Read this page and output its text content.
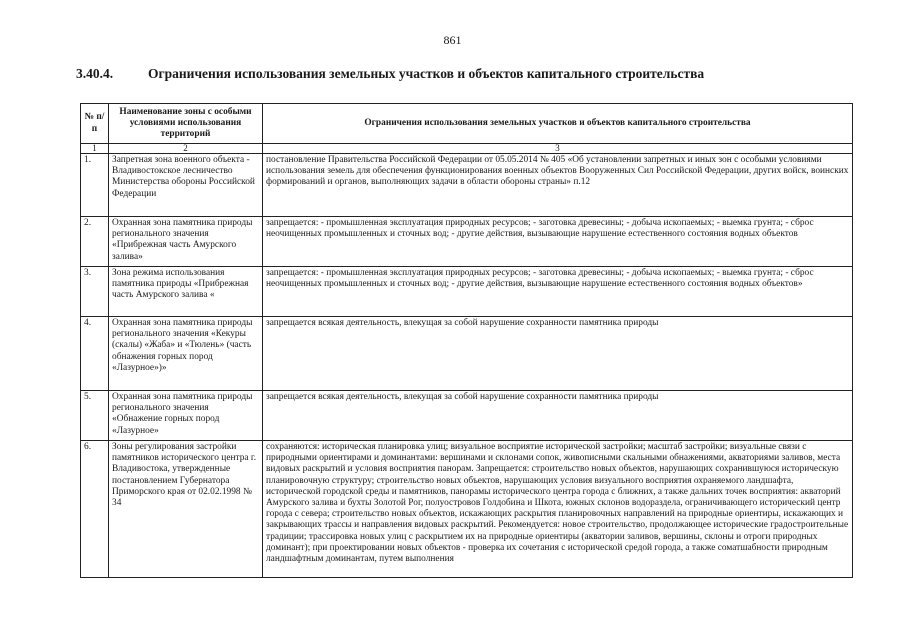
861
3.40.4.	Ограничения использования земельных участков и объектов капитального строительства
№ п/п	Наименование зоны с особыми условиями использования территорий	Ограничения использования земельных участков и объектов капитального строительства
1	2	3
1.	Запретная зона военного объекта - Владивостокское лесничество Министерства обороны Российской Федерации	постановление Правительства Российской Федерации от 05.05.2014 № 405 «Об установлении запретных и иных зон с особыми условиями использования земель для обеспечения функционирования военных объектов Вооруженных Сил Российской Федерации, других войск, воинских формирований и органов, выполняющих задачи в области обороны страны» п.12
2.	Охранная зона памятника природы регионального значения «Прибрежная часть Амурского залива»	запрещается: - промышленная эксплуатация природных ресурсов; - заготовка древесины; - добыча ископаемых; - выемка грунта; - сброс неочищенных промышленных и сточных вод; - другие действия, вызывающие нарушение естественного состояния водных объектов
3.	Зона режима использования памятника природы «Прибрежная часть Амурского залива «	запрещается: - промышленная эксплуатация природных ресурсов; - заготовка древесины; - добыча ископаемых; - выемка грунта; - сброс неочищенных промышленных и сточных вод; - другие действия, вызывающие нарушение естественного состояния водных объектов»
4.	Охранная зона памятника природы регионального значения «Кекуры (скалы) «Жаба» и «Тюлень» (часть обнажения горных пород «Лазурное»)»	запрещается всякая деятельность, влекущая за собой нарушение сохранности памятника природы
5.	Охранная зона памятника природы регионального значения «Обнажение горных пород «Лазурное»	запрещается всякая деятельность, влекущая за собой нарушение сохранности памятника природы
6.	Зоны регулирования застройки памятников исторического центра г. Владивостока, утвержденные постановлением Губернатора Приморского края от 02.02.1998 № 34	сохраняются: историческая планировка улиц; визуальное восприятие исторической застройки; масштаб застройки; визуальные связи с природными ориентирами и доминантами: вершинами и склонами сопок, живописными скальными обнажениями, акваториями заливов, места видовых раскрытий и условия восприятия панорам. Запрещается: строительство новых объектов, нарушающих сохранившуюся историческую планировочную структуру; строительство новых объектов, нарушающих условия визуального восприятия охраняемого ландшафта, исторической городской среды и памятников, панорамы исторического центра города с ближних, а также дальних точек восприятия: акваторий Амурского залива и бухты Золотой Рог, полуостровов Голдобина и Шкота, южных склонов водораздела, ограничивающего исторический центр города с севера; строительство новых объектов, искажающих раскрытия планировочных направлений на природные ориентиры, искажающих и закрывающих трассы и направления видовых раскрытий. Рекомендуется: новое строительство, продолжающее исторические градостроительные традиции; трассировка новых улиц с раскрытием их на природные ориентиры (акватории заливов, вершины, склоны и отроги природных доминант); при проектировании новых объектов - проверка их сочетания с исторической средой города, а также соматшабности природным ландшафтным доминантам, путем выполнения
